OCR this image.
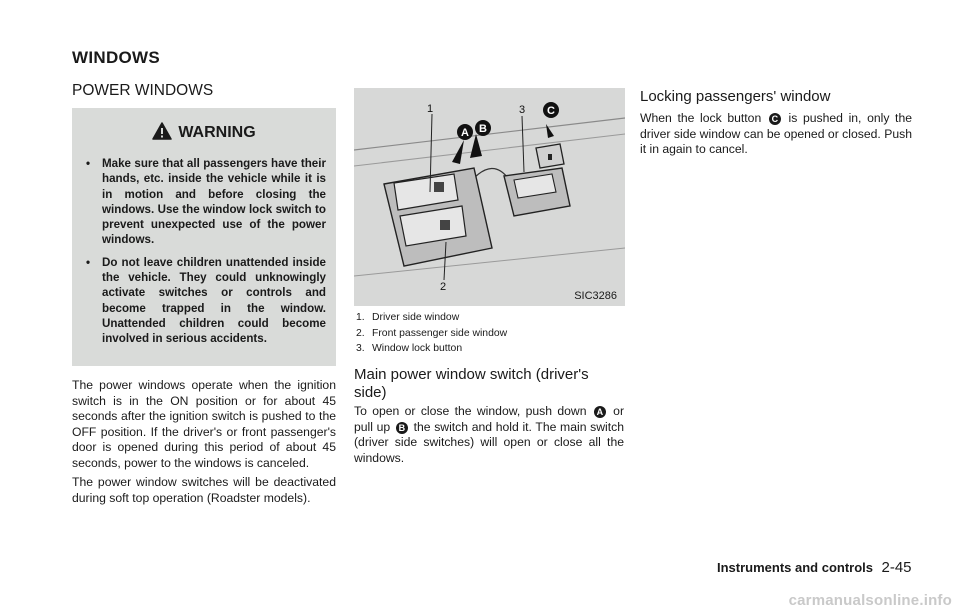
WINDOWS
POWER WINDOWS
WARNING
• Make sure that all passengers have their hands, etc. inside the vehicle while it is in motion and before closing the windows. Use the window lock switch to prevent unexpected use of the power windows.
• Do not leave children unattended inside the vehicle. They could unknowingly activate switches or controls and become trapped in the window. Unattended children could become involved in serious accidents.
The power windows operate when the ignition switch is in the ON position or for about 45 seconds after the ignition switch is pushed to the OFF position. If the driver's or front passenger's door is opened during this period of about 45 seconds, power to the windows is canceled.
The power window switches will be deactivated during soft top operation (Roadster models).
1	3
2
A B
C
SIC3286
1. Driver side window
2. Front passenger side window
3. Window lock button
Main power window switch (driver's side)
To open or close the window, push down A or pull up B the switch and hold it. The main switch (driver side switches) will open or close all the windows.
Locking passengers' window
When the lock button C is pushed in, only the driver side window can be opened or closed. Push it in again to cancel.
Instruments and controls 2-45
carmanualsonline.info
